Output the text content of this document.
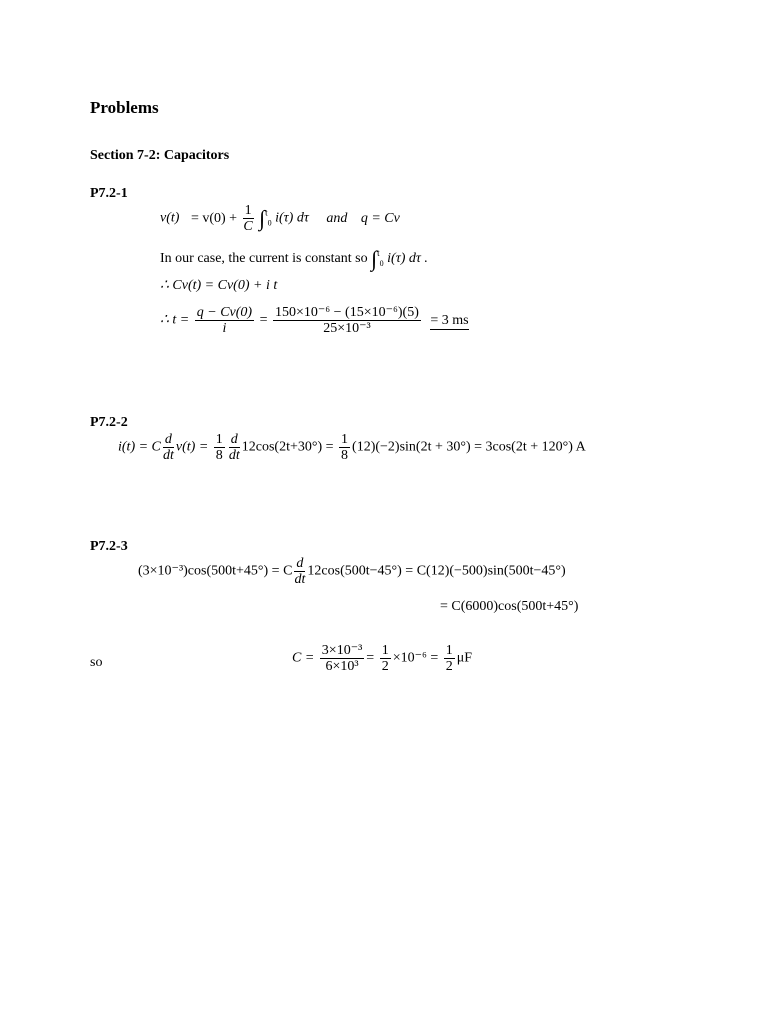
Problems
Section 7-2: Capacitors
P7.2-1
$v(t) = v(0) + \frac{1}{C} \int^t_0$ i(τ) dτ and q = Cv
In our case, the current is constant so ∫$^t_0$ i(τ) dτ .
∴ Cv(t) = Cv(0) + i t
∴ $t = \frac{q - Cv(0)}{i} = \frac{\text{150×10⁻⁶ − (15×10⁻⁶)(5)}}{\text{25×10⁻³}} = 3$ ms
P7.2-2
i(t) = C $\frac{d}{dt} v(t) = \frac{1}{8} \frac{d}{dt} 12\cos(2t+30^\circ) = \frac{1}{8} (12)(-2)\sin(2t + 30^\circ) = 3\cos(2t + 120^\circ)$ A
P7.2-3
(3×10⁻³)cos(500t+45°) = C $\frac{d}{dt} 12\cos(500t-45^\circ) = C(12)(-500)\sin(500t-45^\circ)$
= C(6000)cos(500t+45°)
so	$C = \frac{\text{3×10⁻³}}{\text{6×10³}} = \frac{1}{2} \times 10^{-6} = \frac{1}{2}$ μF
